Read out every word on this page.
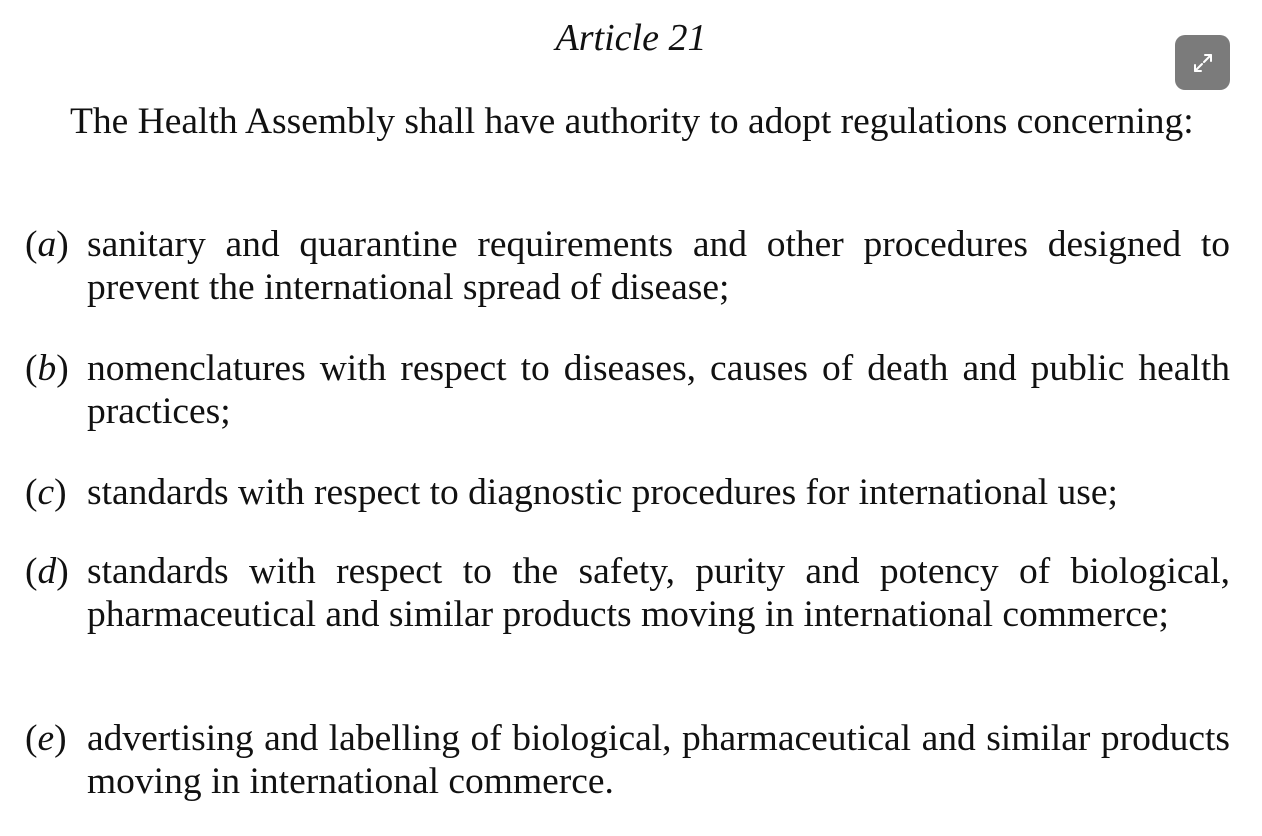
Article 21

The Health Assembly shall have authority to adopt regulations concerning:

(a) sanitary and quarantine requirements and other procedures designed to prevent the international spread of disease;
(b) nomenclatures with respect to diseases, causes of death and public health practices;
(c) standards with respect to diagnostic procedures for international use;
(d) standards with respect to the safety, purity and potency of biological, pharmaceutical and similar products moving in international commerce;
(e) advertising and labelling of biological, pharmaceutical and similar products moving in international commerce.
